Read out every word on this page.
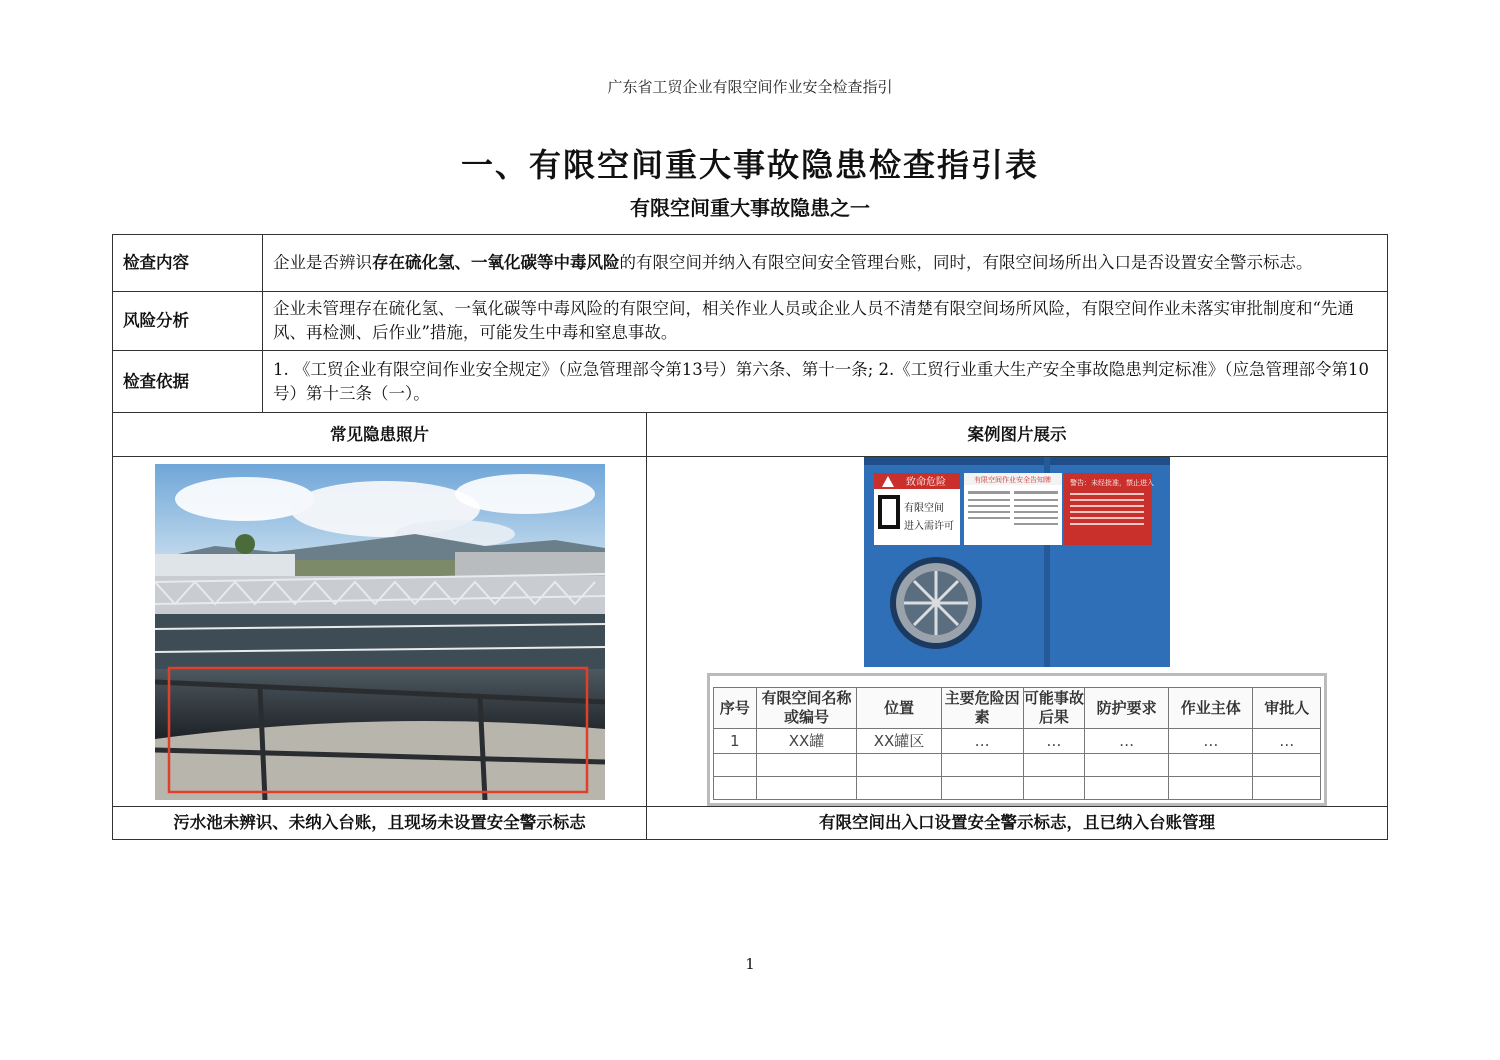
广东省工贸企业有限空间作业安全检查指引
一、有限空间重大事故隐患检查指引表
有限空间重大事故隐患之一
检查内容	企业是否辨识存在硫化氢、一氧化碳等中毒风险的有限空间并纳入有限空间安全管理台账，同时，有限空间场所出入口是否设置安全警示标志。
风险分析	企业未管理存在硫化氢、一氧化碳等中毒风险的有限空间，相关作业人员或企业人员不清楚有限空间场所风险，有限空间作业未落实审批制度和“先通风、再检测、后作业”措施，可能发生中毒和窒息事故。
检查依据	1. 《工贸企业有限空间作业安全规定》（应急管理部令第13号）第六条、第十一条; 2.《工贸行业重大生产安全事故隐患判定标准》（应急管理部令第10号）第十三条（一）。
常见隐患照片	案例图片展示

致命危险
有限空间
进入需许可
有限空间作业安全告知牌	警告：未经批准，禁止进入
序号	有限空间名称或编号	位置	主要危险因素	可能事故后果	防护要求	作业主体	审批人
1	XX罐	XX罐区	…	…	…	…	…

污水池未辨识、未纳入台账，且现场未设置安全警示标志	有限空间出入口设置安全警示标志，且已纳入台账管理
1
